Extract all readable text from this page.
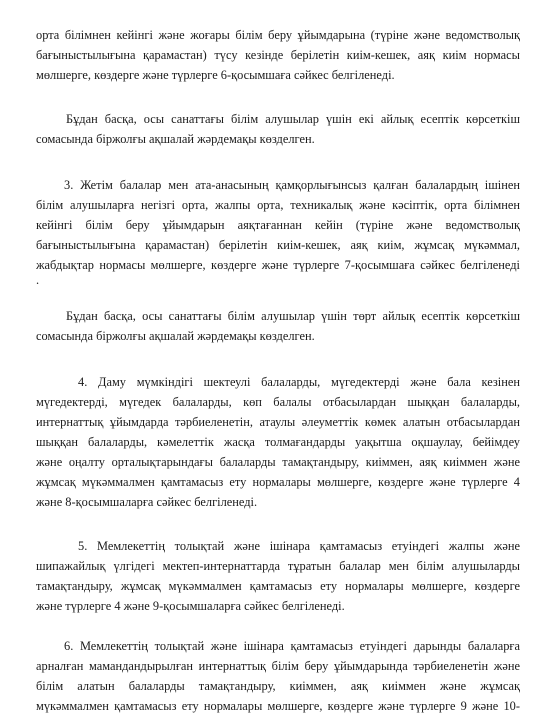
орта білімнен кейінгі және жоғары білім беру ұйымдарына (түріне және ведомстволық
бағыныстылығына қарамастан) түсу кезінде берілетін киім-кешек, аяқ киім нормасы
мөлшерге, көздерге және түрлерге 6-қосымшаға сәйкес белгіленеді.
Бұдан басқа, осы санаттағы білім алушылар үшін екі айлық есептік көрсеткіш
сомасында біржолғы ақшалай жәрдемақы көзделген.
3. Жетім балалар мен ата-анасының қамқорлығынсыз қалған балалардың ішінен
білім алушыларға негізгі орта, жалпы орта, техникалық және кәсіптік, орта білімнен
кейінгі білім беру ұйымдарын аяқтағаннан кейін (түріне және ведомстволық
бағыныстылығына қарамастан) берілетін киім-кешек, аяқ киім, жұмсақ мүкәммал,
жабдықтар нормасы мөлшерге, көздерге және түрлерге 7-қосымшаға сәйкес белгіленеді
.
Бұдан басқа, осы санаттағы білім алушылар үшін төрт айлық есептік көрсеткіш
сомасында біржолғы ақшалай жәрдемақы көзделген.
4. Даму мүмкіндігі шектеулі балаларды, мүгедектерді және бала кезінен
мүгедектерді, мүгедек балаларды, көп балалы отбасылардан шыққан балаларды,
интернаттық ұйымдарда тәрбиеленетін, атаулы әлеуметтік көмек алатын отбасылардан
шыққан балаларды, кәмелеттік жасқа толмағандарды уақытша оқшаулау, бейімдеу
және оңалту орталықтарындағы балаларды тамақтандыру, киіммен, аяқ киіммен және
жұмсақ мүкәммалмен қамтамасыз ету нормалары мөлшерге, көздерге және түрлерге 4
және 8-қосымшаларға сәйкес белгіленеді.
5. Мемлекеттің толықтай және ішінара қамтамасыз етуіндегі жалпы және
шипажайлық үлгідегі мектеп-интернаттарда тұратын балалар мен білім алушыларды
тамақтандыру, жұмсақ мүкәммалмен қамтамасыз ету нормалары мөлшерге, көздерге
және түрлерге 4 және 9-қосымшаларға сәйкес белгіленеді.
6. Мемлекеттің толықтай және ішінара қамтамасыз етуіндегі дарынды балаларға
арналған мамандандырылған интернаттық білім беру ұйымдарында тәрбиеленетін және
білім алатын балаларды тамақтандыру, киіммен, аяқ киіммен және жұмсақ
мүкәммалмен қамтамасыз ету нормалары мөлшерге, көздерге және түрлерге 9 және 10-
